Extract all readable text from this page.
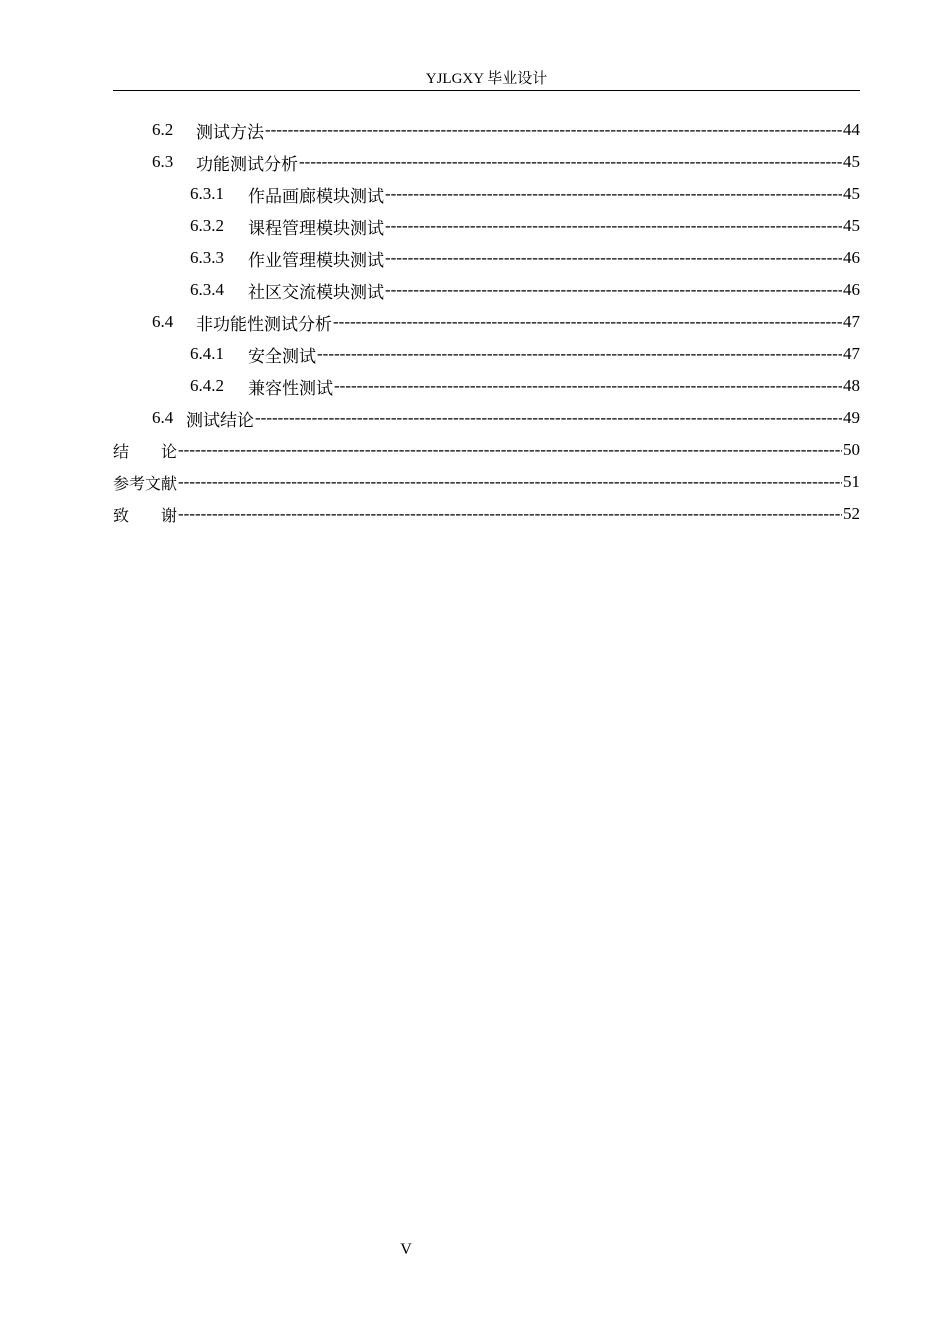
YJLGXY 毕业设计
6.2	测试方法 -----	44
6.3	功能测试分析 -----	45
6.3.1	作品画廊模块测试 -----	45
6.3.2	课程管理模块测试 -----	45
6.3.3	作业管理模块测试 -----	46
6.3.4	社区交流模块测试 -----	46
6.4	非功能性测试分析 -----	47
6.4.1	安全测试 -----	47
6.4.2	兼容性测试 -----	48
6.4 测试结论 -----	49
结　　论 -----	50
参考文献 -----	51
致　　谢 -----	52
V
